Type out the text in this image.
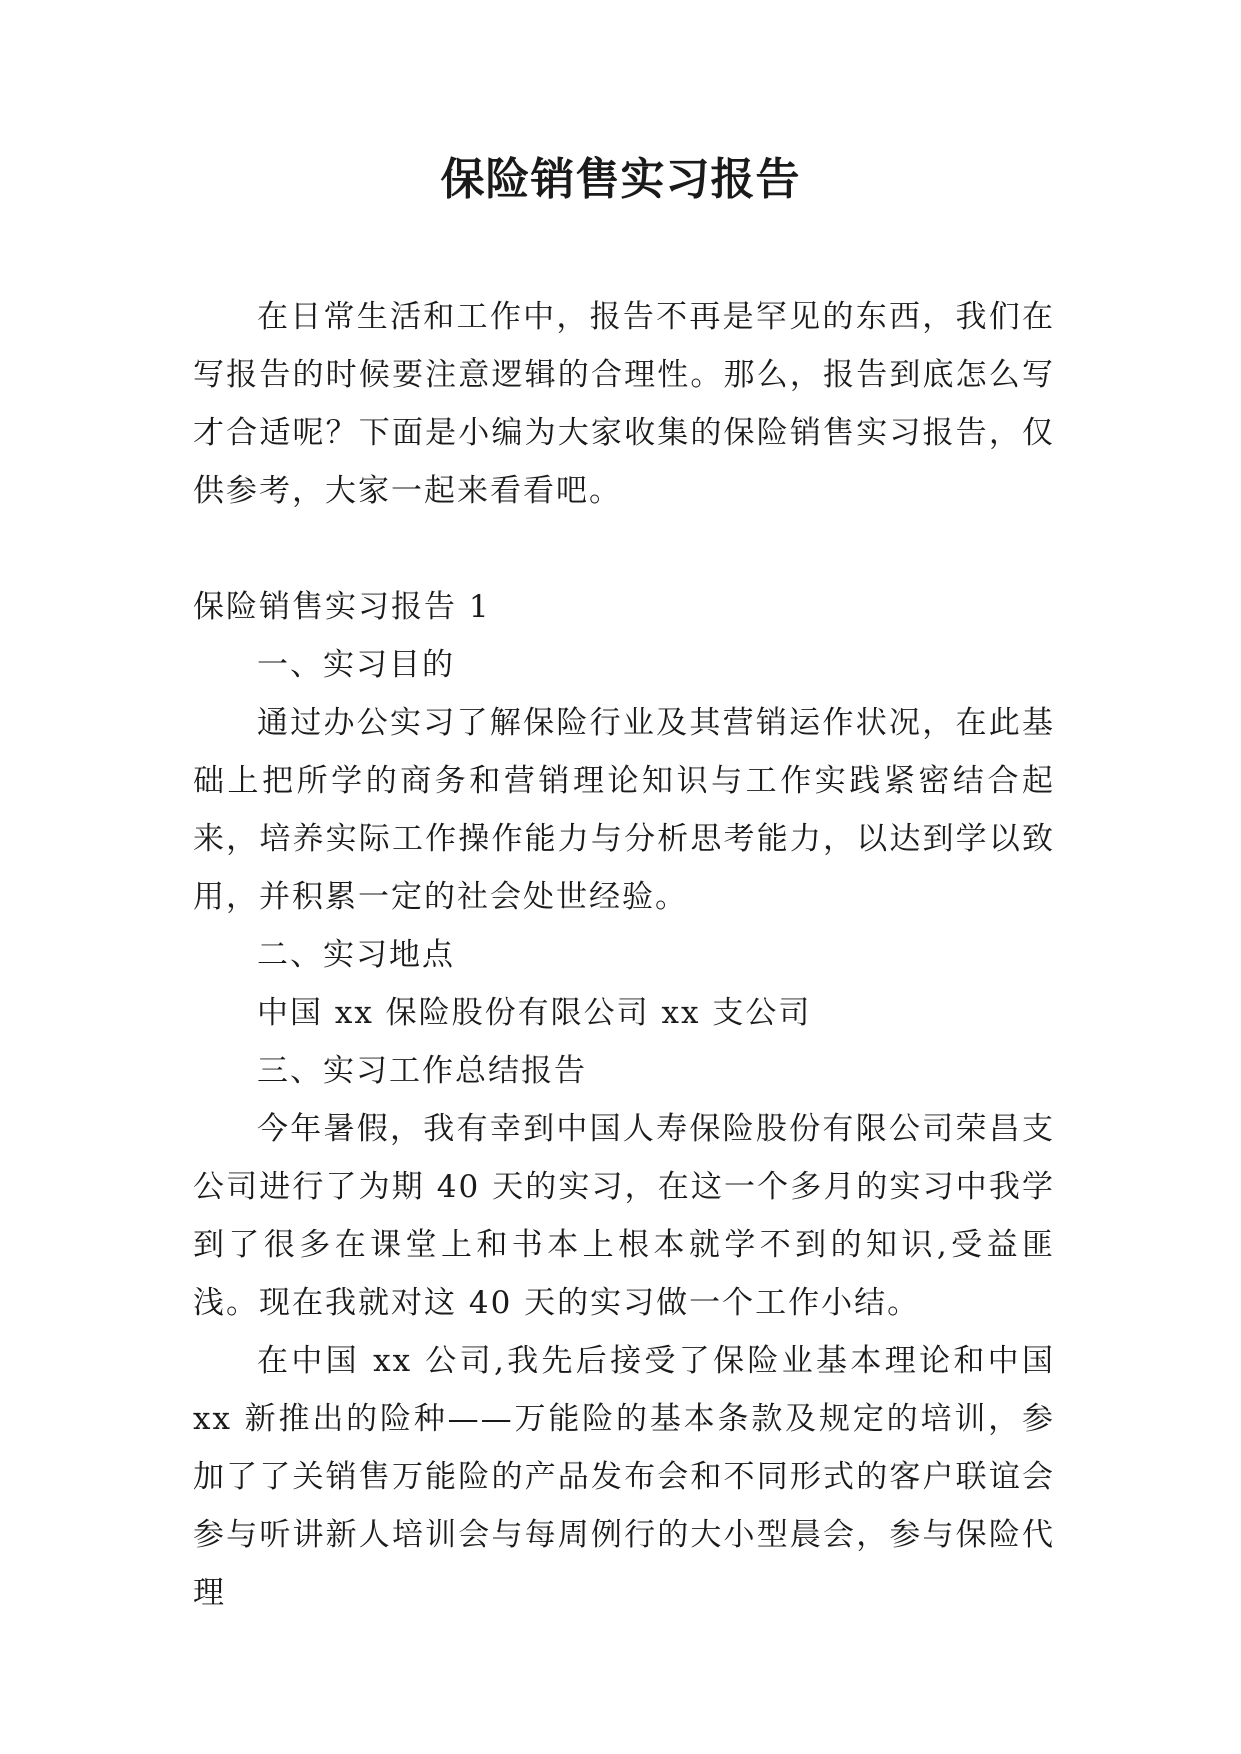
保险销售实习报告

在日常生活和工作中，报告不再是罕见的东西，我们在写报告的时候要注意逻辑的合理性。那么，报告到底怎么写才合适呢？下面是小编为大家收集的保险销售实习报告，仅供参考，大家一起来看看吧。

保险销售实习报告 1

一、实习目的

通过办公实习了解保险行业及其营销运作状况，在此基础上把所学的商务和营销理论知识与工作实践紧密结合起来，培养实际工作操作能力与分析思考能力，以达到学以致用，并积累一定的社会处世经验。

二、实习地点

中国 xx 保险股份有限公司 xx 支公司

三、实习工作总结报告

今年暑假，我有幸到中国人寿保险股份有限公司荣昌支公司进行了为期 40 天的实习，在这一个多月的实习中我学到了很多在课堂上和书本上根本就学不到的知识,受益匪浅。现在我就对这 40 天的实习做一个工作小结。

在中国 xx 公司,我先后接受了保险业基本理论和中国 xx 新推出的险种——万能险的基本条款及规定的培训，参加了了关销售万能险的产品发布会和不同形式的客户联谊会参与听讲新人培训会与每周例行的大小型晨会，参与保险代理
